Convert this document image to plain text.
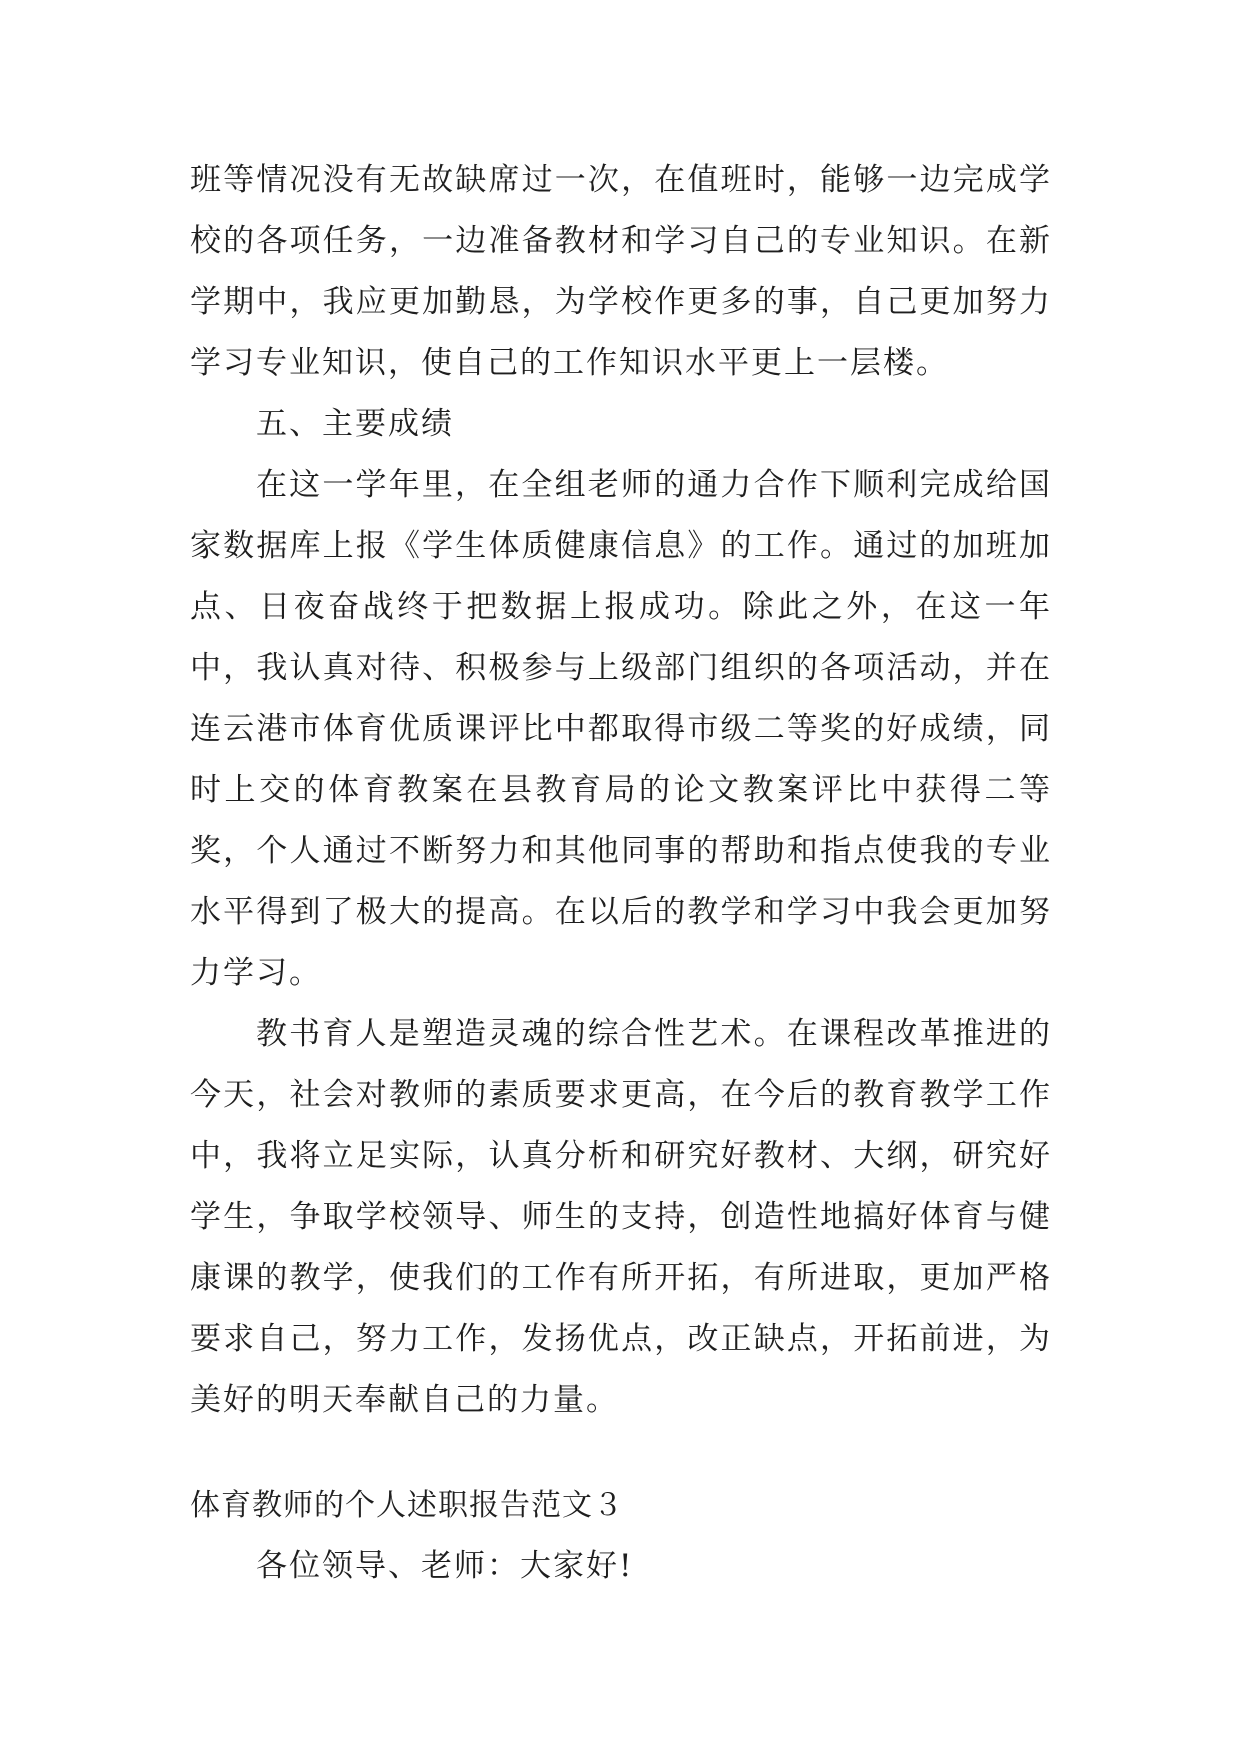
班等情况没有无故缺席过一次，在值班时，能够一边完成学校的各项任务，一边准备教材和学习自己的专业知识。在新学期中，我应更加勤恳，为学校作更多的事，自己更加努力学习专业知识，使自己的工作知识水平更上一层楼。

五、主要成绩

在这一学年里，在全组老师的通力合作下顺利完成给国家数据库上报《学生体质健康信息》的工作。通过的加班加点、日夜奋战终于把数据上报成功。除此之外，在这一年中，我认真对待、积极参与上级部门组织的各项活动，并在连云港市体育优质课评比中都取得市级二等奖的好成绩，同时上交的体育教案在县教育局的论文教案评比中获得二等奖，个人通过不断努力和其他同事的帮助和指点使我的专业水平得到了极大的提高。在以后的教学和学习中我会更加努力学习。

教书育人是塑造灵魂的综合性艺术。在课程改革推进的今天，社会对教师的素质要求更高，在今后的教育教学工作中，我将立足实际，认真分析和研究好教材、大纲，研究好学生，争取学校领导、师生的支持，创造性地搞好体育与健康课的教学，使我们的工作有所开拓，有所进取，更加严格要求自己，努力工作，发扬优点，改正缺点，开拓前进，为美好的明天奉献自己的力量。

体育教师的个人述职报告范文３

各位领导、老师：大家好!
